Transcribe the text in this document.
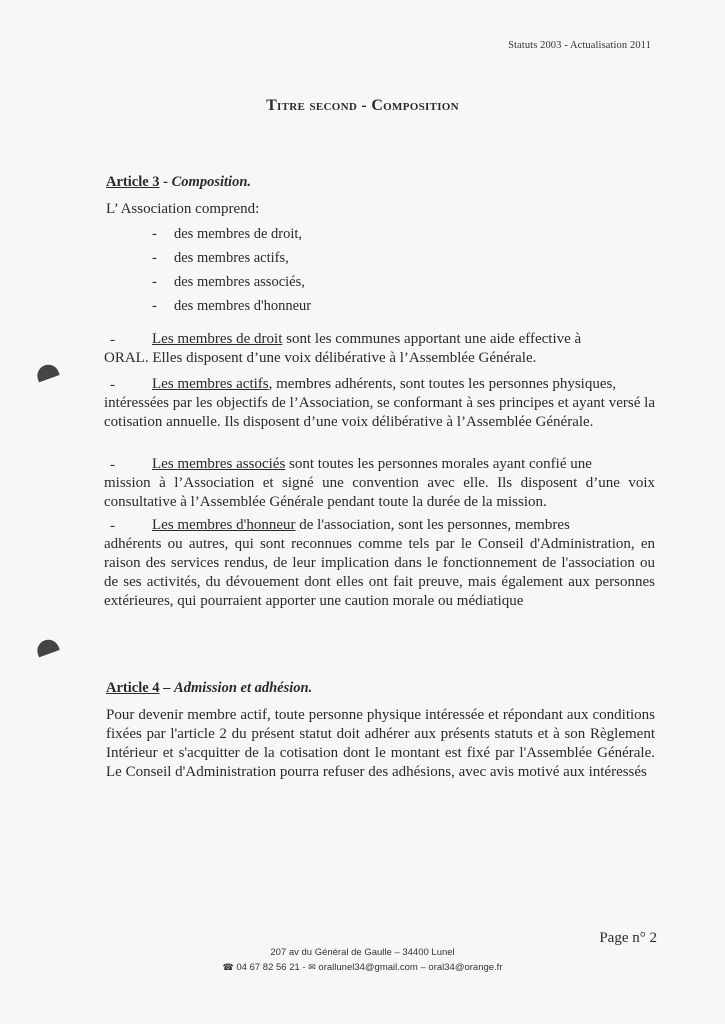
Statuts 2003 - Actualisation 2011
Titre second - Composition
Article 3 - Composition.
L’ Association comprend:
- des membres de droit,
- des membres actifs,
- des membres associés,
- des membres d'honneur
- Les membres de droit sont les communes apportant une aide effective à
ORAL. Elles disposent d’une voix délibérative à l’Assemblée Générale.
- Les membres actifs, membres adhérents, sont toutes les personnes physiques,
intéressées par les objectifs de l’Association, se conformant à ses principes et ayant versé la cotisation annuelle. Ils disposent d’une voix délibérative à l’Assemblée Générale.
- Les membres associés sont toutes les personnes morales ayant confié une
mission à l’Association et signé une convention avec elle. Ils disposent d’une voix consultative à l’Assemblée Générale pendant toute la durée de la mission.
- Les membres d'honneur de l'association, sont les personnes, membres
adhérents ou autres, qui sont reconnues comme tels par le Conseil d'Administration, en raison des services rendus, de leur implication dans le fonctionnement de l'association ou de ses activités, du dévouement dont elles ont fait preuve, mais également aux personnes extérieures, qui pourraient apporter une caution morale ou médiatique
Article 4 – Admission et adhésion.
Pour devenir membre actif, toute personne physique intéressée et répondant aux conditions fixées par l'article 2 du présent statut doit adhérer aux présents statuts et à son Règlement Intérieur et s'acquitter de la cotisation dont le montant est fixé par l'Assemblée Générale. Le Conseil d'Administration pourra refuser des adhésions, avec avis motivé aux intéressés
Page n° 2
207 av du Général de Gaulle – 34400 Lunel
☎ 04 67 82 56 21 - ✉ orallunel34@gmail.com – oral34@orange.fr
